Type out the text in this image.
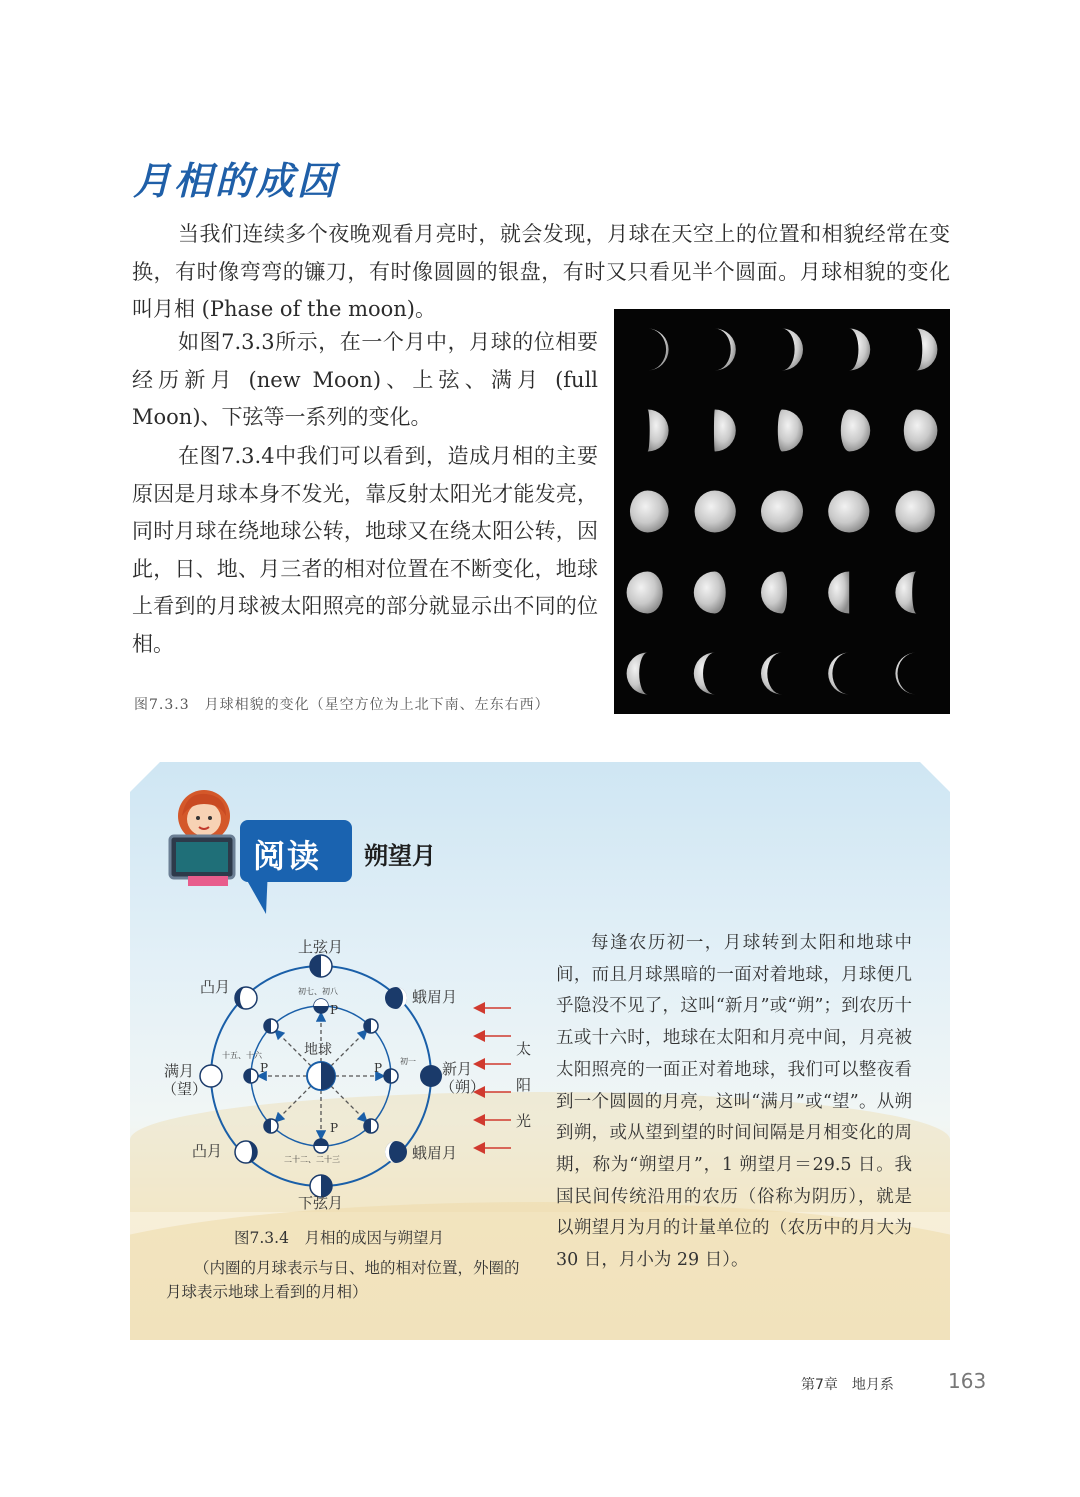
月相的成因

当我们连续多个夜晚观看月亮时，就会发现，月球在天空上的位置和相貌经常在变换，有时像弯弯的镰刀，有时像圆圆的银盘，有时又只看见半个圆面。月球相貌的变化叫月相 (Phase of the moon)。

如图7.3.3所示，在一个月中，月球的位相要经历新月 (new Moon)、上弦、满月 (full Moon)、下弦等一系列的变化。

在图7.3.4中我们可以看到，造成月相的主要原因是月球本身不发光，靠反射太阳光才能发亮，同时月球在绕地球公转，地球又在绕太阳公转，因此，日、地、月三者的相对位置在不断变化，地球上看到的月球被太阳照亮的部分就显示出不同的位相。

图7.3.3　月球相貌的变化（星空方位为上北下南、左东右西）

阅读 朔望月

上弦月
下弦月
凸月
凸月
蛾眉月
蛾眉月
满月
（望）
新月
（朔）
地球
P
P
P	P
初七、初八
十五、十六
初一
二十二、二十三
太
阳
光

每逢农历初一，月球转到太阳和地球中间，而且月球黑暗的一面对着地球，月球便几乎隐没不见了，这叫“新月”或“朔”；到农历十五或十六时，地球在太阳和月亮中间，月亮被太阳照亮的一面正对着地球，我们可以整夜看到一个圆圆的月亮，这叫“满月”或“望”。从朔到朔，或从望到望的时间间隔是月相变化的周期，称为“朔望月”，1 朔望月＝29.5 日。我国民间传统沿用的农历（俗称为阴历），就是以朔望月为月的计量单位的（农历中的月大为 30 日，月小为 29 日）。

图7.3.4　月相的成因与朔望月

（内圈的月球表示与日、地的相对位置，外圈的月球表示地球上看到的月相）

第7章　地月系	163
